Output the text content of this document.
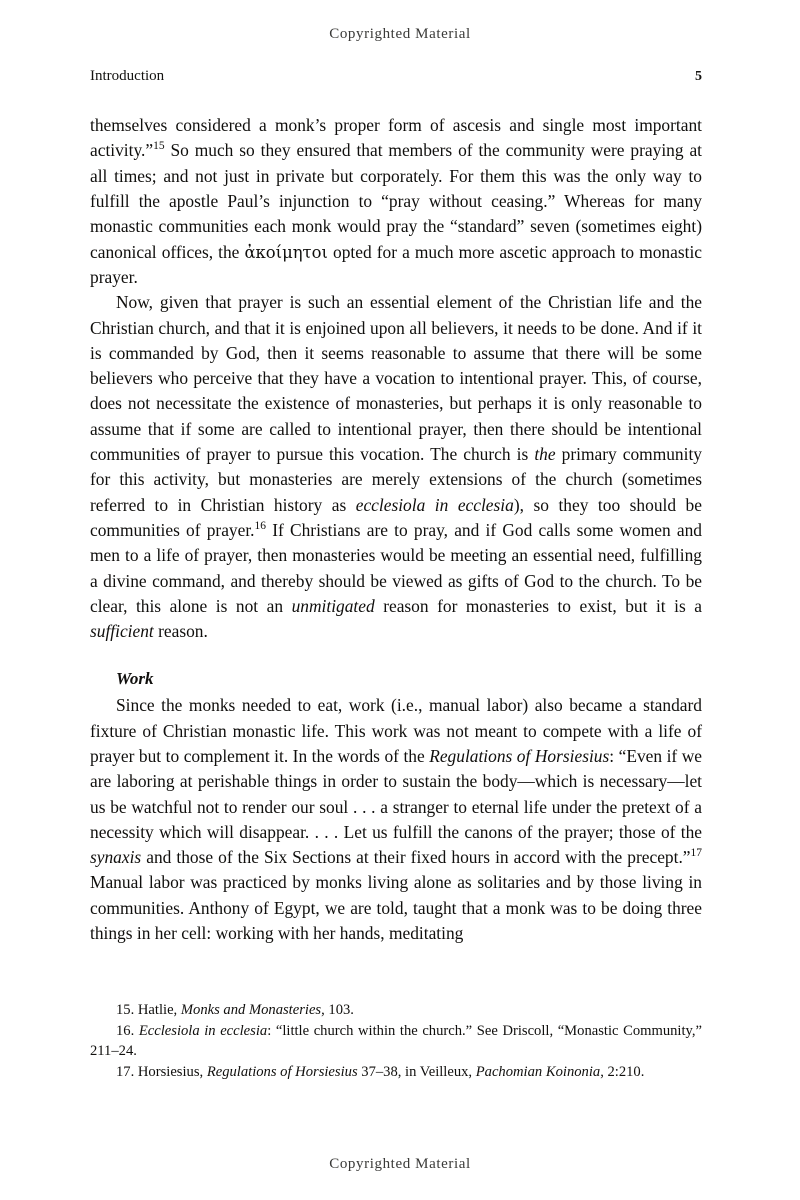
Copyrighted Material
Introduction	5

themselves considered a monk’s proper form of ascesis and single most important activity.”$^{15}$ So much so they ensured that members of the community were praying at all times; and not just in private but corporately. For them this was the only way to fulfill the apostle Paul’s injunction to “pray without ceasing.” Whereas for many monastic communities each monk would pray the “standard” seven (sometimes eight) canonical offices, the ἀκοίμητοι opted for a much more ascetic approach to monastic prayer.

Now, given that prayer is such an essential element of the Christian life and the Christian church, and that it is enjoined upon all believers, it needs to be done. And if it is commanded by God, then it seems reasonable to assume that there will be some believers who perceive that they have a vocation to intentional prayer. This, of course, does not necessitate the existence of monasteries, but perhaps it is only reasonable to assume that if some are called to intentional prayer, then there should be intentional communities of prayer to pursue this vocation. The church is the primary community for this activity, but monasteries are merely extensions of the church (sometimes referred to in Christian history as ecclesiola in ecclesia), so they too should be communities of prayer.$^{16}$ If Christians are to pray, and if God calls some women and men to a life of prayer, then monasteries would be meeting an essential need, fulfilling a divine command, and thereby should be viewed as gifts of God to the church. To be clear, this alone is not an unmitigated reason for monasteries to exist, but it is a sufficient reason.

Work

Since the monks needed to eat, work (i.e., manual labor) also became a standard fixture of Christian monastic life. This work was not meant to compete with a life of prayer but to complement it. In the words of the Regulations of Horsiesius: “Even if we are laboring at perishable things in order to sustain the body—which is necessary—let us be watchful not to render our soul . . . a stranger to eternal life under the pretext of a necessity which will disappear. . . . Let us fulfill the canons of the prayer; those of the synaxis and those of the Six Sections at their fixed hours in accord with the precept.”$^{17}$ Manual labor was practiced by monks living alone as solitaries and by those living in communities. Anthony of Egypt, we are told, taught that a monk was to be doing three things in her cell: working with her hands, meditating

15. Hatlie, Monks and Monasteries, 103.

16. Ecclesiola in ecclesia: “little church within the church.” See Driscoll, “Monastic Community,” 211–24.

17. Horsiesius, Regulations of Horsiesius 37–38, in Veilleux, Pachomian Koinonia, 2:210.

Copyrighted Material
